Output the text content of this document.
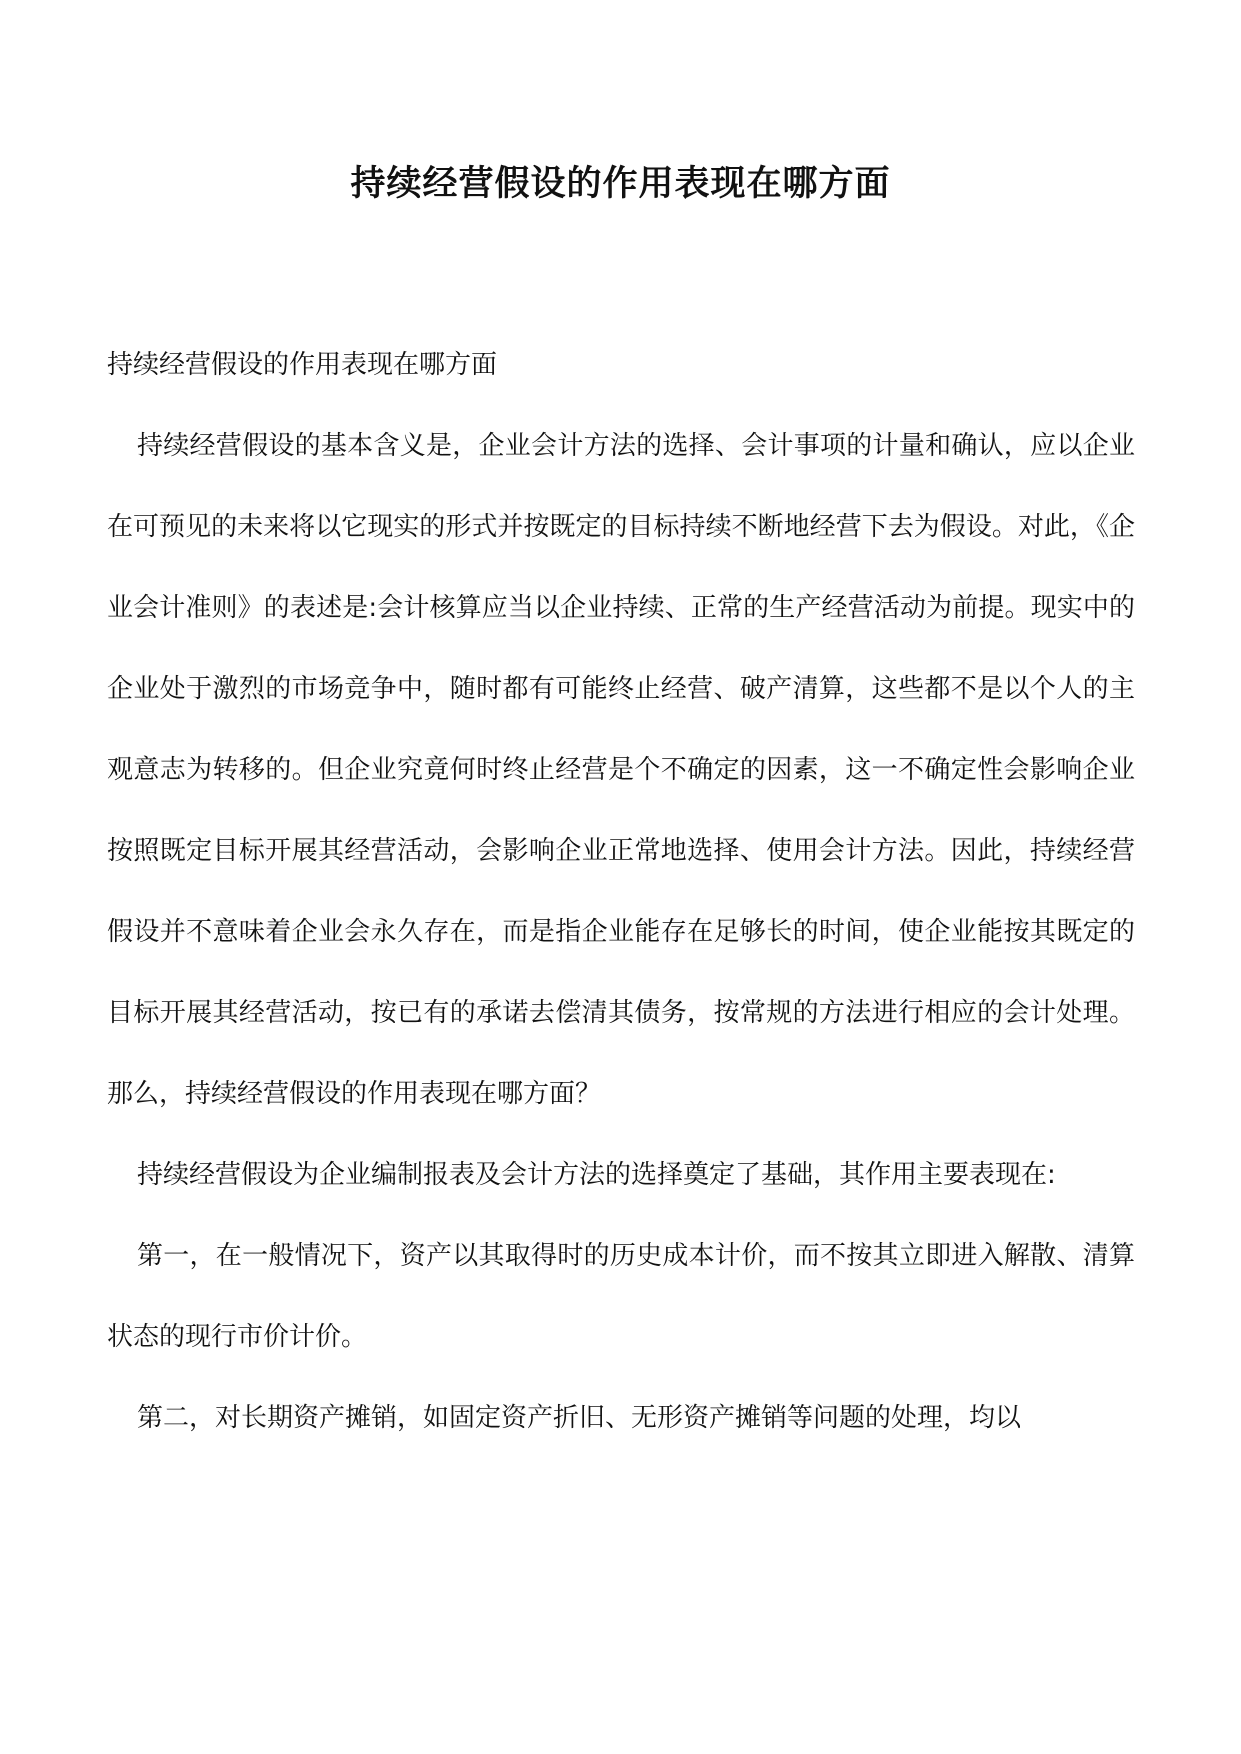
持续经营假设的作用表现在哪方面
持续经营假设的作用表现在哪方面

持续经营假设的基本含义是，企业会计方法的选择、会计事项的计量和确认，应以企业在可预见的未来将以它现实的形式并按既定的目标持续不断地经营下去为假设。对此，《企业会计准则》的表述是:会计核算应当以企业持续、正常的生产经营活动为前提。现实中的企业处于激烈的市场竞争中，随时都有可能终止经营、破产清算，这些都不是以个人的主观意志为转移的。但企业究竟何时终止经营是个不确定的因素，这一不确定性会影响企业按照既定目标开展其经营活动，会影响企业正常地选择、使用会计方法。因此，持续经营假设并不意味着企业会永久存在，而是指企业能存在足够长的时间，使企业能按其既定的目标开展其经营活动，按已有的承诺去偿清其债务，按常规的方法进行相应的会计处理。那么，持续经营假设的作用表现在哪方面？

持续经营假设为企业编制报表及会计方法的选择奠定了基础，其作用主要表现在:

第一，在一般情况下，资产以其取得时的历史成本计价，而不按其立即进入解散、清算状态的现行市价计价。

第二，对长期资产摊销，如固定资产折旧、无形资产摊销等问题的处理，均以
